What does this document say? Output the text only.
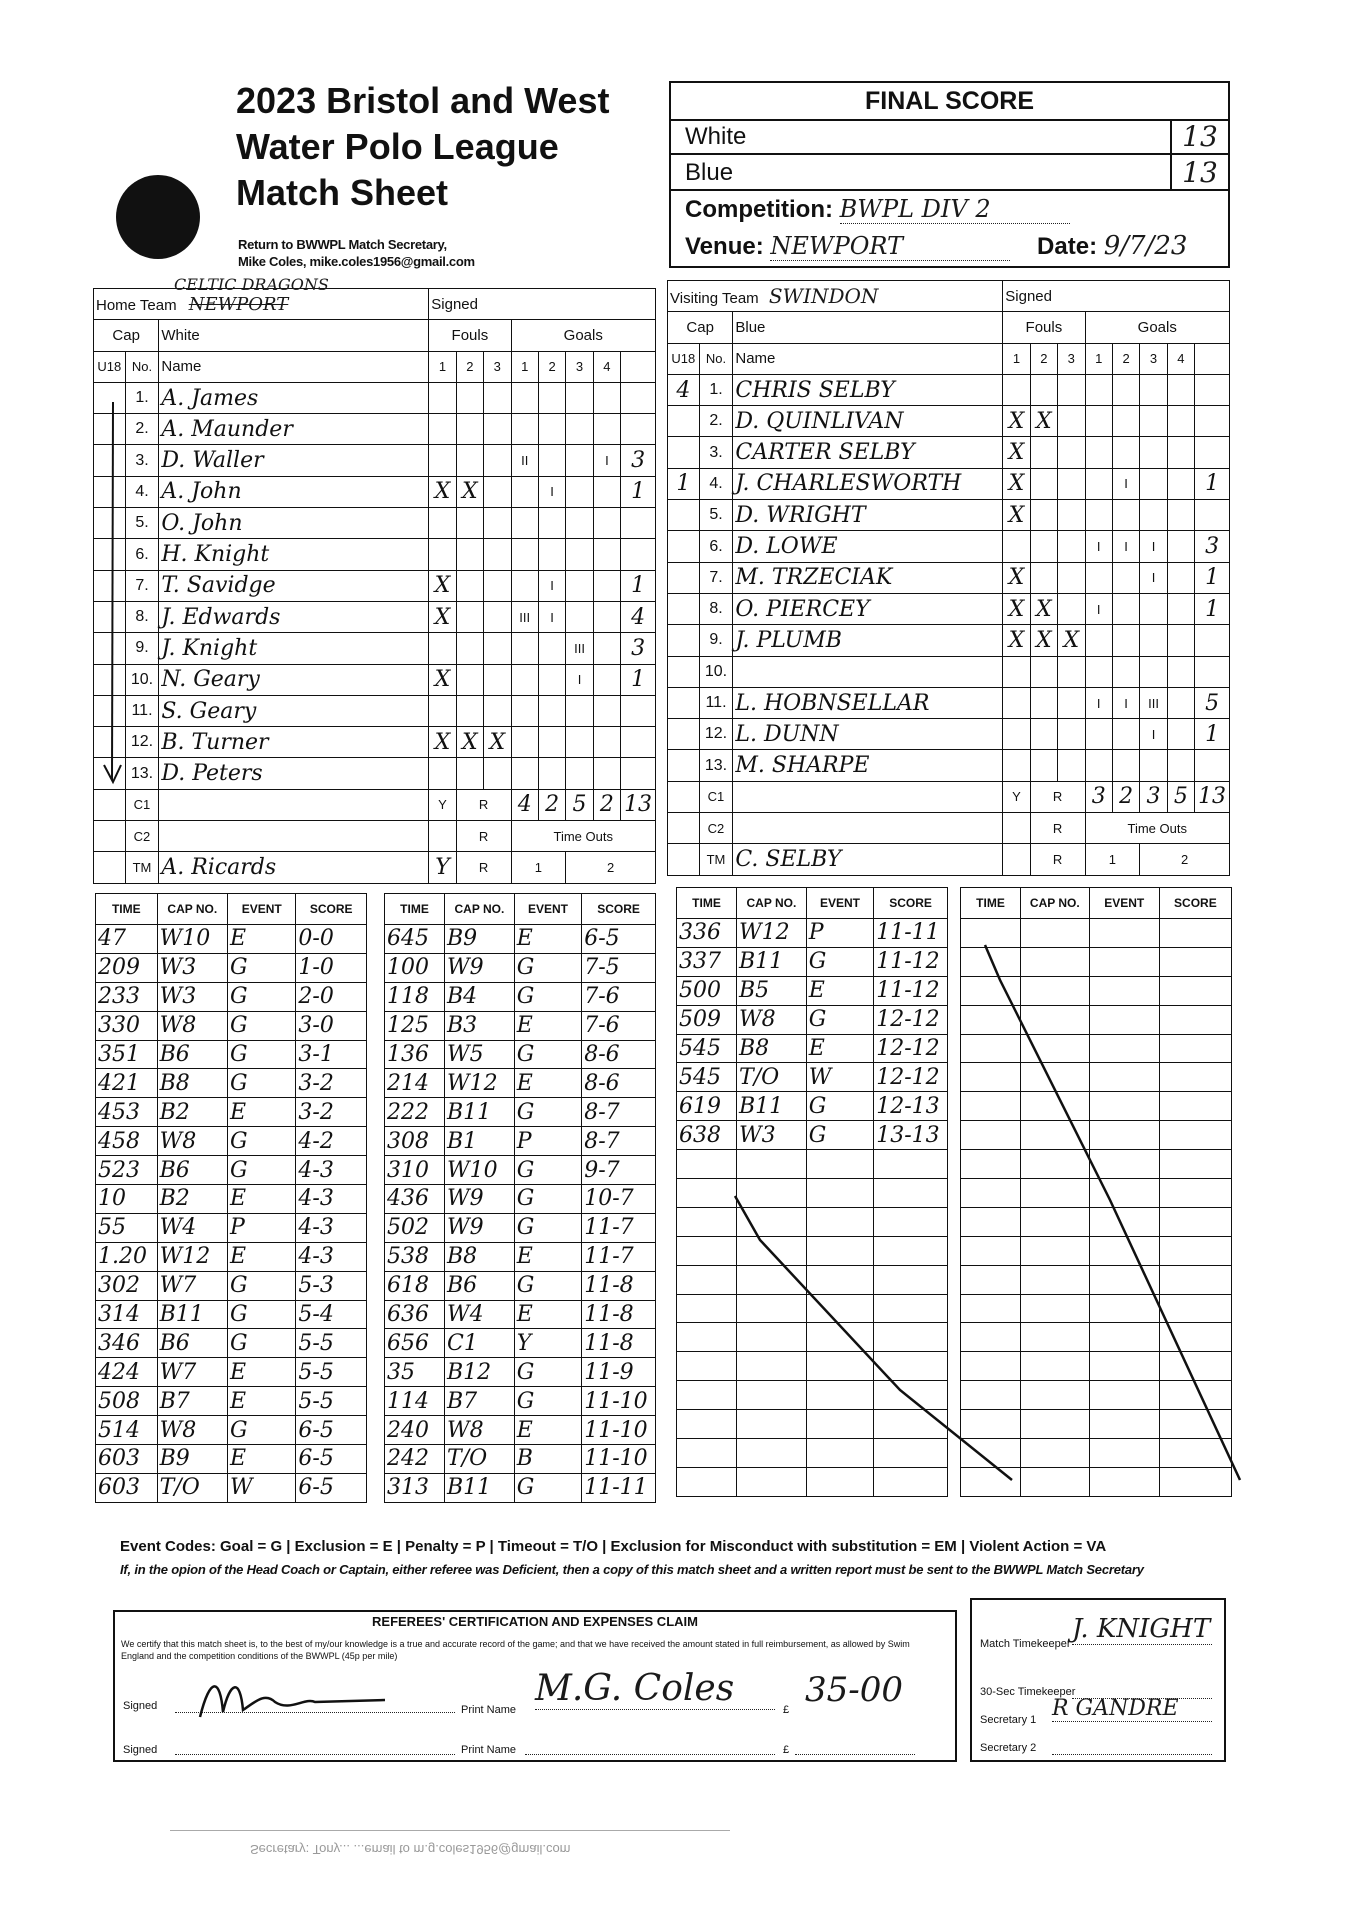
2023 Bristol and West
Water Polo League
Match Sheet
Return to BWWPL Match Secretary,
Mike Coles, mike.coles1956@gmail.com
FINAL SCORE
White	13
Blue	13
Competition: BWPL DIV 2
Venue: NEWPORT	Date: 9/7/23
Home Team
CELTIC DRAGONS
NEWPORT			Signed							
Cap		White	Fouls			Goals				
U18	No.	Name	1	2	3	1	2	3	4	
	1.	A. James								
	2.	A. Maunder								
	3.	D. Waller				II			I	3
	4.	A. John	X	X			I			1
	5.	O. John								
	6.	H. Knight								
	7.	T. Savidge	X				I			1
	8.	J. Edwards	X			III	I			4
	9.	J. Knight						III		3
	10.	N. Geary	X					I		1
	11.	S. Geary								
	12.	B. Turner	X	X	X					
	13.	D. Peters								
	C1		Y	R		4	2	5	2	13
	C2			R		Time Outs				
	TM	A. Ricards	Y	R		1		2		
Visiting Team SWINDON			Signed							
Cap		Blue	Fouls			Goals				
U18	No.	Name	1	2	3	1	2	3	4	
4	1.	CHRIS SELBY								
	2.	D. QUINLIVAN	X	X						
	3.	CARTER SELBY	X							
1	4.	J. CHARLESWORTH	X				I			1
	5.	D. WRIGHT	X							
	6.	D. LOWE				I	I	I		3
	7.	M. TRZECIAK	X					I		1
	8.	O. PIERCEY	X	X		I				1
	9.	J. PLUMB	X	X	X					
	10.									
	11.	L. HOBNSELLAR				I	I	III		5
	12.	L. DUNN						I		1
	13.	M. SHARPE								
	C1		Y	R		3	2	3	5	13
	C2			R		Time Outs				
	TM	C. SELBY		R		1		2		
TIME	CAP NO.	EVENT	SCORE
47	W10	E	0-0
209	W3	G	1-0
233	W3	G	2-0
330	W8	G	3-0
351	B6	G	3-1
421	B8	G	3-2
453	B2	E	3-2
458	W8	G	4-2
523	B6	G	4-3
10	B2	E	4-3
55	W4	P	4-3
1.20	W12	E	4-3
302	W7	G	5-3
314	B11	G	5-4
346	B6	G	5-5
424	W7	E	5-5
508	B7	E	5-5
514	W8	G	6-5
603	B9	E	6-5
603	T/O	W	6-5
TIME	CAP NO.	EVENT	SCORE
645	B9	E	6-5
100	W9	G	7-5
118	B4	G	7-6
125	B3	E	7-6
136	W5	G	8-6
214	W12	E	8-6
222	B11	G	8-7
308	B1	P	8-7
310	W10	G	9-7
436	W9	G	10-7
502	W9	G	11-7
538	B8	E	11-7
618	B6	G	11-8
636	W4	E	11-8
656	C1	Y	11-8
35	B12	G	11-9
114	B7	G	11-10
240	W8	E	11-10
242	T/O	B	11-10
313	B11	G	11-11
TIME	CAP NO.	EVENT	SCORE
336	W12	P	11-11
337	B11	G	11-12
500	B5	E	11-12
509	W8	G	12-12
545	B8	E	12-12
545	T/O	W	12-12
619	B11	G	12-13
638	W3	G	13-13

TIME	CAP NO.	EVENT	SCORE

Event Codes: Goal = G | Exclusion = E | Penalty = P | Timeout = T/O | Exclusion for Misconduct with substitution = EM | Violent Action = VA
If, in the opion of the Head Coach or Captain, either referee was Deficient, then a copy of this match sheet and a written report must be sent to the BWWPL Match Secretary
REFEREES' CERTIFICATION AND EXPENSES CLAIM
We certify that this match sheet is, to the best of my/our knowledge is a true and accurate record of the game; and that we have received the amount stated in full reimbursement, as allowed by Swim England and the competition conditions of the BWWPL (45p per mile)
Signed	Print Name
M.G. Coles
£ 35-00
Signed	Print Name	£
Match Timekeeper J. KNIGHT
30-Sec Timekeeper
Secretary 1 R GANDRE
Secretary 2
Secretary: Tony... ...email to m.g.coles1956@gmail.com
